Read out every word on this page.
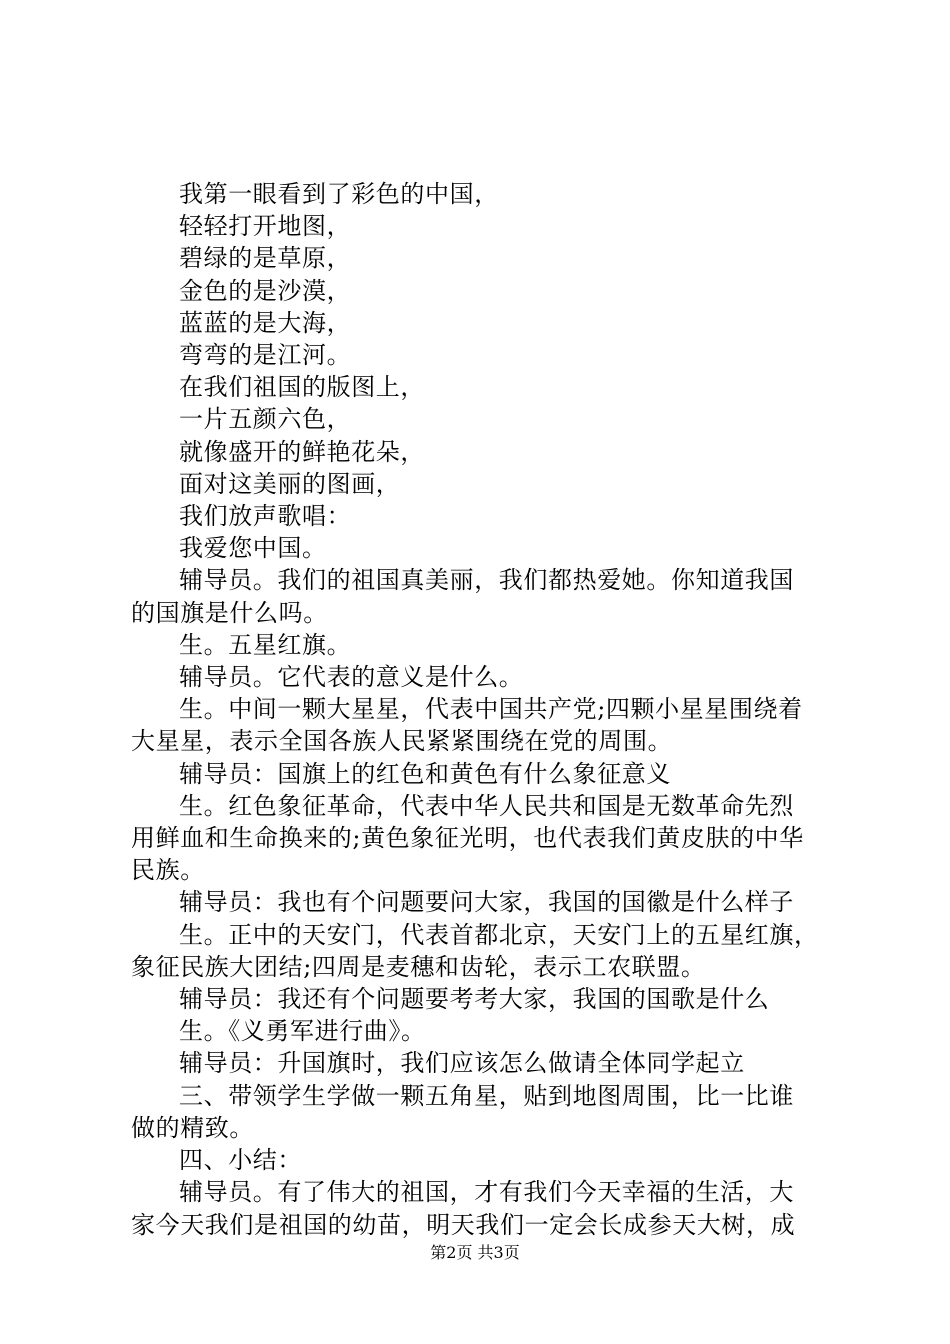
我第一眼看到了彩色的中国，
轻轻打开地图，
碧绿的是草原，
金色的是沙漠，
蓝蓝的是大海，
弯弯的是江河。
在我们祖国的版图上，
一片五颜六色，
就像盛开的鲜艳花朵，
面对这美丽的图画，
我们放声歌唱：
我爱您中国。
辅导员。我们的祖国真美丽，我们都热爱她。你知道我国
的国旗是什么吗。
生。五星红旗。
辅导员。它代表的意义是什么。
生。中间一颗大星星，代表中国共产党;四颗小星星围绕着
大星星，表示全国各族人民紧紧围绕在党的周围。
辅导员：国旗上的红色和黄色有什么象征意义
生。红色象征革命，代表中华人民共和国是无数革命先烈
用鲜血和生命换来的;黄色象征光明，也代表我们黄皮肤的中华
民族。
辅导员：我也有个问题要问大家，我国的国徽是什么样子
生。正中的天安门，代表首都北京，天安门上的五星红旗，
象征民族大团结;四周是麦穗和齿轮，表示工农联盟。
辅导员：我还有个问题要考考大家，我国的国歌是什么
生。《义勇军进行曲》。
辅导员：升国旗时，我们应该怎么做请全体同学起立
三、带领学生学做一颗五角星，贴到地图周围，比一比谁
做的精致。
四、小结：
辅导员。有了伟大的祖国，才有我们今天幸福的生活，大
家今天我们是祖国的幼苗，明天我们一定会长成参天大树，成
第2页 共3页
